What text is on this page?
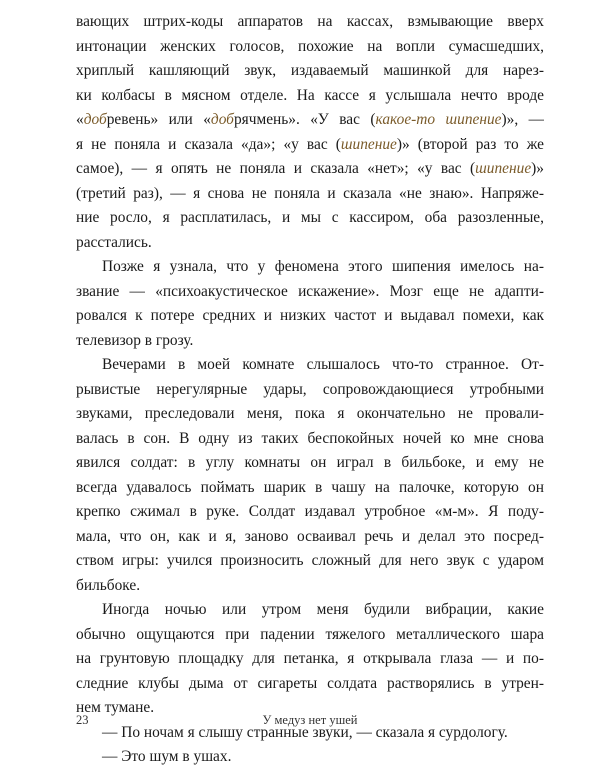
вающих штрих-коды аппаратов на кассах, взмывающие вверх
интонации женских голосов, похожие на вопли сумасшедших,
хриплый кашляющий звук, издаваемый машинкой для нарез-
ки колбасы в мясном отделе. На кассе я услышала нечто вроде
«добревень» или «добрячмень». «У вас (какое-то шипение)», —
я не поняла и сказала «да»; «у вас (шипение)» (второй раз то же
самое), — я опять не поняла и сказала «нет»; «у вас (шипение)»
(третий раз), — я снова не поняла и сказала «не знаю». Напряже-
ние росло, я расплатилась, и мы с кассиром, оба разозленные,
расстались.
Позже я узнала, что у феномена этого шипения имелось на-
звание — «психоакустическое искажение». Мозг еще не адапти-
ровался к потере средних и низких частот и выдавал помехи, как
телевизор в грозу.
Вечерами в моей комнате слышалось что-то странное. От-
рывистые нерегулярные удары, сопровождающиеся утробными
звуками, преследовали меня, пока я окончательно не провали-
валась в сон. В одну из таких беспокойных ночей ко мне снова
явился солдат: в углу комнаты он играл в бильбоке, и ему не
всегда удавалось поймать шарик в чашу на палочке, которую он
крепко сжимал в руке. Солдат издавал утробное «м-м». Я поду-
мала, что он, как и я, заново осваивал речь и делал это посред-
ством игры: учился произносить сложный для него звук с ударом
бильбоке.
Иногда ночью или утром меня будили вибрации, какие
обычно ощущаются при падении тяжелого металлического шара
на грунтовую площадку для петанка, я открывала глаза — и по-
следние клубы дыма от сигареты солдата растворялись в утрен-
нем тумане.
— По ночам я слышу странные звуки, — сказала я сурдологу.
— Это шум в ушах.
23	У медуз нет ушей
